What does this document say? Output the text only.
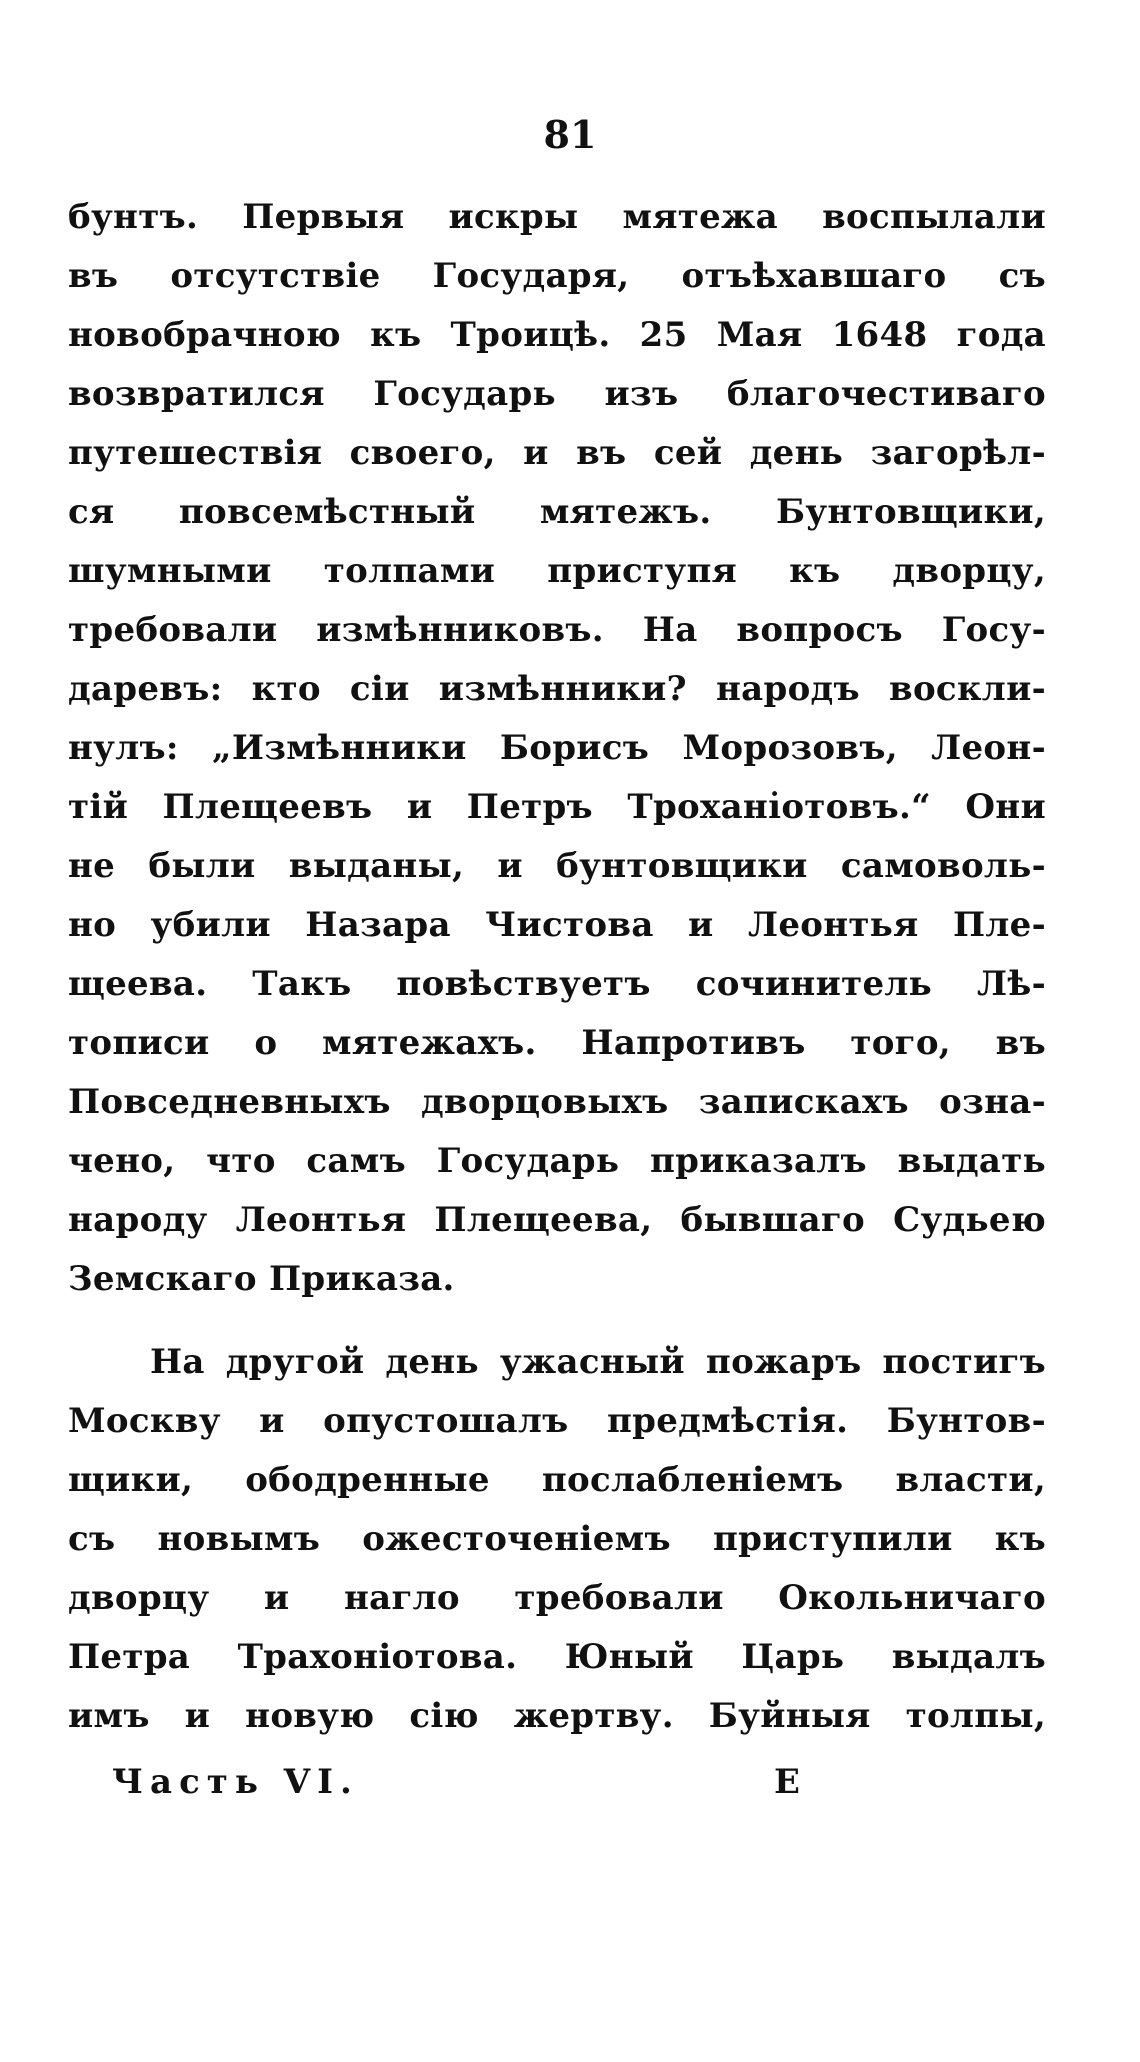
81
бунтъ. Первыя искры мятежа воспылали
въ отсутствіе Государя, отъѣхавшаго съ
новобрачною къ Троицѣ. 25 Мая 1648 года
возвратился Государь изъ благочестиваго
путешествія своего, и въ сей день загорѣл-
ся повсемѣстный мятежъ. Бунтовщики,
шумными толпами приступя къ дворцу,
требовали измѣнниковъ. На вопросъ Госу-
даревъ: кто сіи измѣнники? народъ воскли-
нулъ: „Измѣнники Борисъ Морозовъ, Леон-
тій Плещеевъ и Петръ Трохані̇отовъ.“ Они
не были выданы, и бунтовщики самоволь-
но убили Назара Чистова и Леонтья Пле-
щеева. Такъ повѣствуетъ сочинитель Лѣ-
тописи о мятежахъ. Напротивъ того, въ
Повседневныхъ дворцовыхъ запискахъ озна-
чено, что самъ Государь приказалъ выдать
народу Леонтья Плещеева, бывшаго Судьею
Земскаго Приказа.
На другой день ужасный пожаръ постигъ
Москву и опустошалъ предмѣстія. Бунтов-
щики, ободренные послабленіемъ власти,
съ новымъ ожесточеніемъ приступили къ
дворцу и нагло требовали Окольничаго
Петра Трахоніотова. Юный Царь выдалъ
имъ и новую сію жертву. Буйныя толпы,
Часть VI.	Е
